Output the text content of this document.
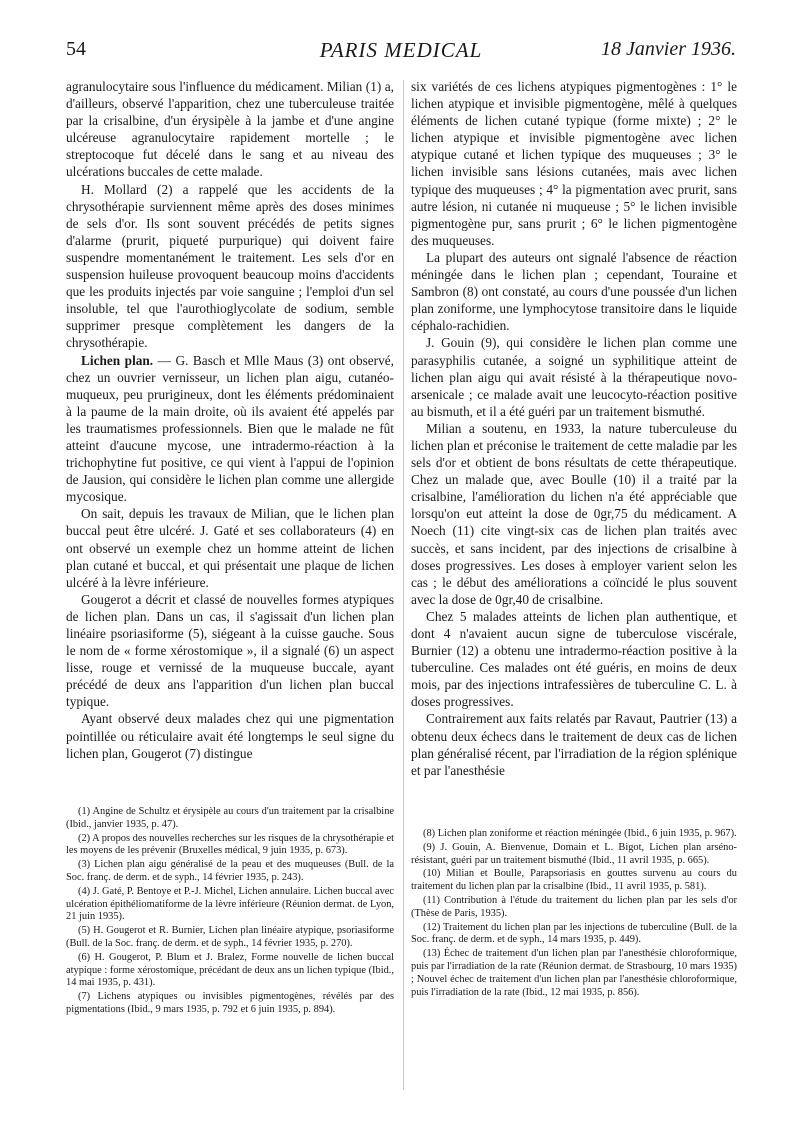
54	PARIS MEDICAL	18 Janvier 1936.

agranulocytaire sous l'influence du médicament. Milian (1) a, d'ailleurs, observé l'apparition, chez une tuberculeuse traitée par la crisalbine, d'un érysipèle à la jambe et d'une angine ulcéreuse agranulocytaire rapidement mortelle ; le streptocoque fut décelé dans le sang et au niveau des ulcérations buccales de cette malade.

H. Mollard (2) a rappelé que les accidents de la chrysothérapie surviennent même après des doses minimes de sels d'or. Ils sont souvent précédés de petits signes d'alarme (prurit, piqueté purpurique) qui doivent faire suspendre momentanément le traitement. Les sels d'or en suspension huileuse provoquent beaucoup moins d'accidents que les produits injectés par voie sanguine ; l'emploi d'un sel insoluble, tel que l'aurothioglycolate de sodium, semble supprimer presque complètement les dangers de la chrysothérapie.

Lichen plan. — G. Basch et Mlle Maus (3) ont observé, chez un ouvrier vernisseur, un lichen plan aigu, cutanéo-muqueux, peu prurigineux, dont les éléments prédominaient à la paume de la main droite, où ils avaient été appelés par les traumatismes professionnels. Bien que le malade ne fût atteint d'aucune mycose, une intradermo-réaction à la trichophytine fut positive, ce qui vient à l'appui de l'opinion de Jausion, qui considère le lichen plan comme une allergide mycosique.

On sait, depuis les travaux de Milian, que le lichen plan buccal peut être ulcéré. J. Gaté et ses collaborateurs (4) en ont observé un exemple chez un homme atteint de lichen plan cutané et buccal, et qui présentait une plaque de lichen ulcéré à la lèvre inférieure.

Gougerot a décrit et classé de nouvelles formes atypiques de lichen plan. Dans un cas, il s'agissait d'un lichen plan linéaire psoriasiforme (5), siégeant à la cuisse gauche. Sous le nom de « forme xérostomique », il a signalé (6) un aspect lisse, rouge et vernissé de la muqueuse buccale, ayant précédé de deux ans l'apparition d'un lichen plan buccal typique.

Ayant observé deux malades chez qui une pigmentation pointillée ou réticulaire avait été longtemps le seul signe du lichen plan, Gougerot (7) distingue

six variétés de ces lichens atypiques pigmentogènes : 1° le lichen atypique et invisible pigmentogène, mêlé à quelques éléments de lichen cutané typique (forme mixte) ; 2° le lichen atypique et invisible pigmentogène avec lichen atypique cutané et lichen typique des muqueuses ; 3° le lichen invisible sans lésions cutanées, mais avec lichen typique des muqueuses ; 4° la pigmentation avec prurit, sans autre lésion, ni cutanée ni muqueuse ; 5° le lichen invisible pigmentogène pur, sans prurit ; 6° le lichen pigmentogène des muqueuses.

La plupart des auteurs ont signalé l'absence de réaction méningée dans le lichen plan ; cependant, Touraine et Sambron (8) ont constaté, au cours d'une poussée d'un lichen plan zoniforme, une lymphocytose transitoire dans le liquide céphalo-rachidien.

J. Gouin (9), qui considère le lichen plan comme une parasyphilis cutanée, a soigné un syphilitique atteint de lichen plan aigu qui avait résisté à la thérapeutique novo-arsenicale ; ce malade avait une leucocyto-réaction positive au bismuth, et il a été guéri par un traitement bismuthé.

Milian a soutenu, en 1933, la nature tuberculeuse du lichen plan et préconise le traitement de cette maladie par les sels d'or et obtient de bons résultats de cette thérapeutique. Chez un malade que, avec Boulle (10) il a traité par la crisalbine, l'amélioration du lichen n'a été appréciable que lorsqu'on eut atteint la dose de 0gr,75 du médicament. A Noech (11) cite vingt-six cas de lichen plan traités avec succès, et sans incident, par des injections de crisalbine à doses progressives. Les doses à employer varient selon les cas ; le début des améliorations a coïncidé le plus souvent avec la dose de 0gr,40 de crisalbine.

Chez 5 malades atteints de lichen plan authentique, et dont 4 n'avaient aucun signe de tuberculose viscérale, Burnier (12) a obtenu une intradermo-réaction positive à la tuberculine. Ces malades ont été guéris, en moins de deux mois, par des injections intrafessières de tuberculine C. L. à doses progressives.

Contrairement aux faits relatés par Ravaut, Pautrier (13) a obtenu deux échecs dans le traitement de deux cas de lichen plan généralisé récent, par l'irradiation de la région splénique et par l'anesthésie

(1) Angine de Schultz et érysipèle au cours d'un traitement par la crisalbine (Ibid., janvier 1935, p. 47).

(2) A propos des nouvelles recherches sur les risques de la chrysothérapie et les moyens de les prévenir (Bruxelles médical, 9 juin 1935, p. 673).

(3) Lichen plan aigu généralisé de la peau et des muqueuses (Bull. de la Soc. franç. de derm. et de syph., 14 février 1935, p. 243).

(4) J. Gaté, P. Bentoye et P.-J. Michel, Lichen annulaire. Lichen buccal avec ulcération épithéliomatiforme de la lèvre inférieure (Réunion dermat. de Lyon, 21 juin 1935).

(5) H. Gougerot et R. Burnier, Lichen plan linéaire atypique, psoriasiforme (Bull. de la Soc. franç. de derm. et de syph., 14 février 1935, p. 270).

(6) H. Gougerot, P. Blum et J. Bralez, Forme nouvelle de lichen buccal atypique : forme xérostomique, précédant de deux ans un lichen typique (Ibid., 14 mai 1935, p. 431).

(7) Lichens atypiques ou invisibles pigmentogènes, révélés par des pigmentations (Ibid., 9 mars 1935, p. 792 et 6 juin 1935, p. 894).

(8) Lichen plan zoniforme et réaction méningée (Ibid., 6 juin 1935, p. 967).

(9) J. Gouin, A. Bienvenue, Domain et L. Bigot, Lichen plan arséno-résistant, guéri par un traitement bismuthé (Ibid., 11 avril 1935, p. 665).

(10) Milian et Boulle, Parapsoriasis en gouttes survenu au cours du traitement du lichen plan par la crisalbine (Ibid., 11 avril 1935, p. 581).

(11) Contribution à l'étude du traitement du lichen plan par les sels d'or (Thèse de Paris, 1935).

(12) Traitement du lichen plan par les injections de tuberculine (Bull. de la Soc. franç. de derm. et de syph., 14 mars 1935, p. 449).

(13) Échec de traitement d'un lichen plan par l'anesthésie chloroformique, puis par l'irradiation de la rate (Réunion dermat. de Strasbourg, 10 mars 1935) ; Nouvel échec de traitement d'un lichen plan par l'anesthésie chloroformique, puis l'irradiation de la rate (Ibid., 12 mai 1935, p. 856).
